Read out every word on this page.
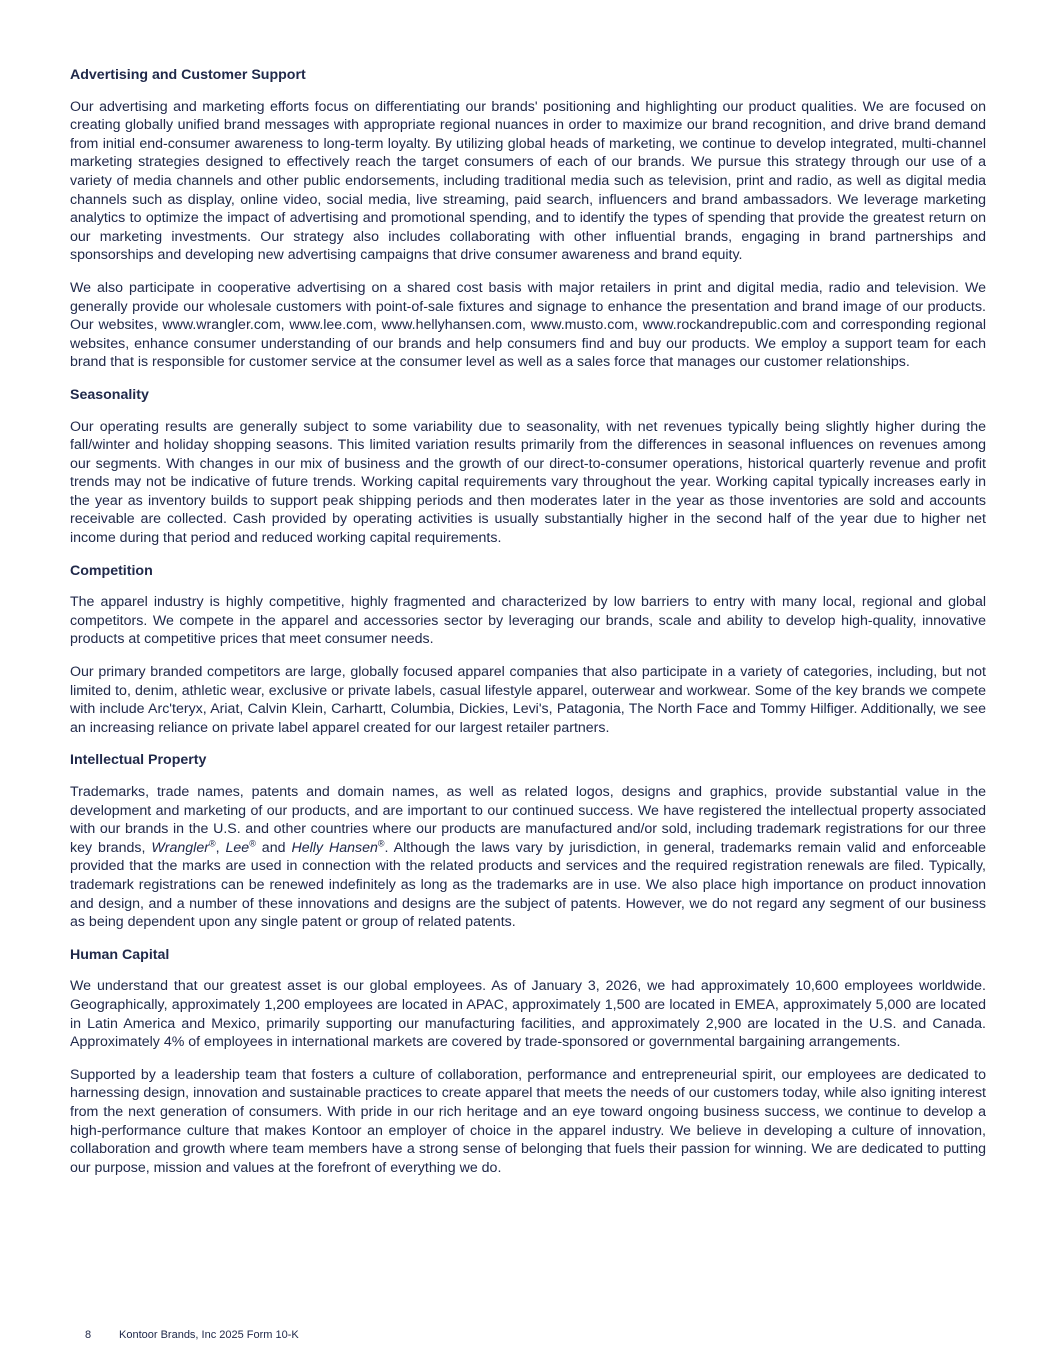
Advertising and Customer Support

Our advertising and marketing efforts focus on differentiating our brands' positioning and highlighting our product qualities. We are focused on creating globally unified brand messages with appropriate regional nuances in order to maximize our brand recognition, and drive brand demand from initial end-consumer awareness to long-term loyalty. By utilizing global heads of marketing, we continue to develop integrated, multi-channel marketing strategies designed to effectively reach the target consumers of each of our brands. We pursue this strategy through our use of a variety of media channels and other public endorsements, including traditional media such as television, print and radio, as well as digital media channels such as display, online video, social media, live streaming, paid search, influencers and brand ambassadors. We leverage marketing analytics to optimize the impact of advertising and promotional spending, and to identify the types of spending that provide the greatest return on our marketing investments. Our strategy also includes collaborating with other influential brands, engaging in brand partnerships and sponsorships and developing new advertising campaigns that drive consumer awareness and brand equity.

We also participate in cooperative advertising on a shared cost basis with major retailers in print and digital media, radio and television. We generally provide our wholesale customers with point-of-sale fixtures and signage to enhance the presentation and brand image of our products. Our websites, www.wrangler.com, www.lee.com, www.hellyhansen.com, www.musto.com, www.rockandrepublic.com and corresponding regional websites, enhance consumer understanding of our brands and help consumers find and buy our products. We employ a support team for each brand that is responsible for customer service at the consumer level as well as a sales force that manages our customer relationships.

Seasonality

Our operating results are generally subject to some variability due to seasonality, with net revenues typically being slightly higher during the fall/winter and holiday shopping seasons. This limited variation results primarily from the differences in seasonal influences on revenues among our segments. With changes in our mix of business and the growth of our direct-to-consumer operations, historical quarterly revenue and profit trends may not be indicative of future trends. Working capital requirements vary throughout the year. Working capital typically increases early in the year as inventory builds to support peak shipping periods and then moderates later in the year as those inventories are sold and accounts receivable are collected. Cash provided by operating activities is usually substantially higher in the second half of the year due to higher net income during that period and reduced working capital requirements.

Competition

The apparel industry is highly competitive, highly fragmented and characterized by low barriers to entry with many local, regional and global competitors. We compete in the apparel and accessories sector by leveraging our brands, scale and ability to develop high-quality, innovative products at competitive prices that meet consumer needs.

Our primary branded competitors are large, globally focused apparel companies that also participate in a variety of categories, including, but not limited to, denim, athletic wear, exclusive or private labels, casual lifestyle apparel, outerwear and workwear. Some of the key brands we compete with include Arc'teryx, Ariat, Calvin Klein, Carhartt, Columbia, Dickies, Levi's, Patagonia, The North Face and Tommy Hilfiger. Additionally, we see an increasing reliance on private label apparel created for our largest retailer partners.

Intellectual Property

Trademarks, trade names, patents and domain names, as well as related logos, designs and graphics, provide substantial value in the development and marketing of our products, and are important to our continued success. We have registered the intellectual property associated with our brands in the U.S. and other countries where our products are manufactured and/or sold, including trademark registrations for our three key brands, Wrangler®, Lee® and Helly Hansen®. Although the laws vary by jurisdiction, in general, trademarks remain valid and enforceable provided that the marks are used in connection with the related products and services and the required registration renewals are filed. Typically, trademark registrations can be renewed indefinitely as long as the trademarks are in use. We also place high importance on product innovation and design, and a number of these innovations and designs are the subject of patents. However, we do not regard any segment of our business as being dependent upon any single patent or group of related patents.

Human Capital

We understand that our greatest asset is our global employees. As of January 3, 2026, we had approximately 10,600 employees worldwide. Geographically, approximately 1,200 employees are located in APAC, approximately 1,500 are located in EMEA, approximately 5,000 are located in Latin America and Mexico, primarily supporting our manufacturing facilities, and approximately 2,900 are located in the U.S. and Canada. Approximately 4% of employees in international markets are covered by trade-sponsored or governmental bargaining arrangements.

Supported by a leadership team that fosters a culture of collaboration, performance and entrepreneurial spirit, our employees are dedicated to harnessing design, innovation and sustainable practices to create apparel that meets the needs of our customers today, while also igniting interest from the next generation of consumers. With pride in our rich heritage and an eye toward ongoing business success, we continue to develop a high-performance culture that makes Kontoor an employer of choice in the apparel industry. We believe in developing a culture of innovation, collaboration and growth where team members have a strong sense of belonging that fuels their passion for winning. We are dedicated to putting our purpose, mission and values at the forefront of everything we do.

8	Kontoor Brands, Inc 2025 Form 10-K
